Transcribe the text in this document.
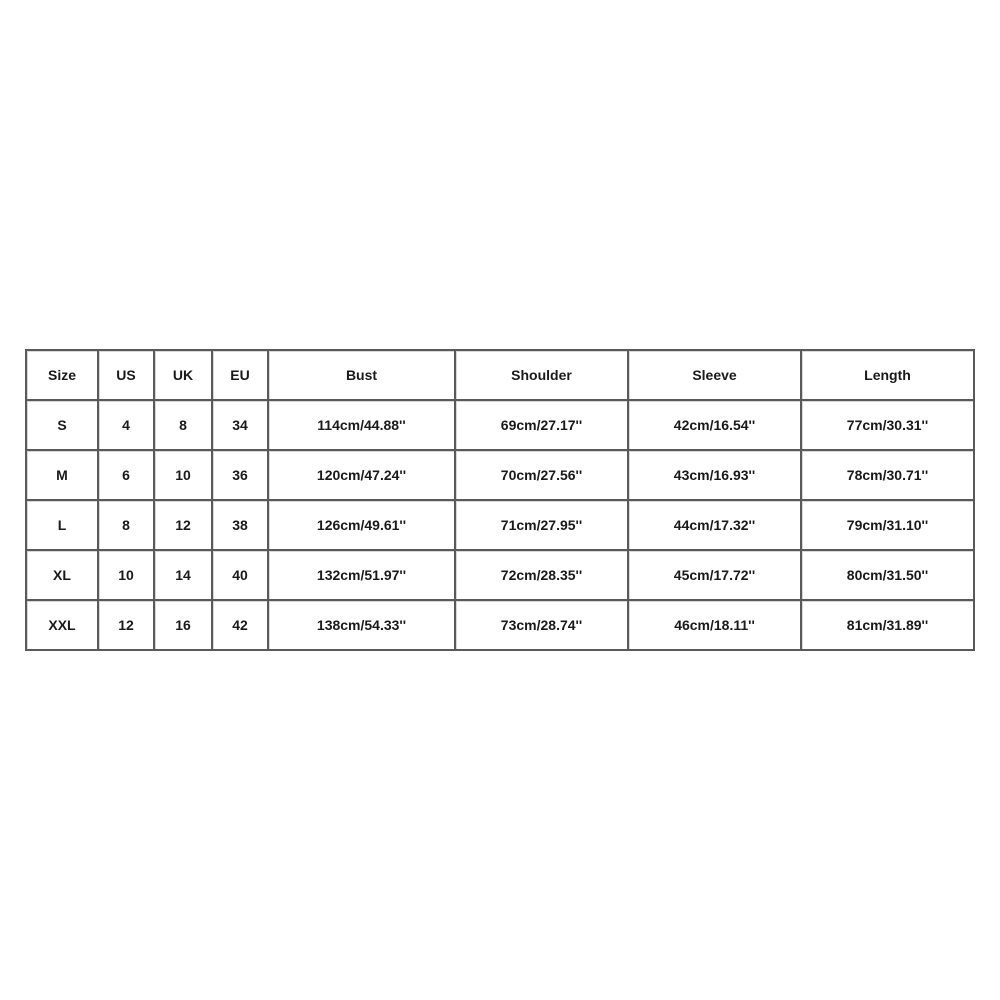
Size	US	UK	EU	Bust	Shoulder	Sleeve	Length
S	4	8	34	114cm/44.88''	69cm/27.17''	42cm/16.54''	77cm/30.31''
M	6	10	36	120cm/47.24''	70cm/27.56''	43cm/16.93''	78cm/30.71''
L	8	12	38	126cm/49.61''	71cm/27.95''	44cm/17.32''	79cm/31.10''
XL	10	14	40	132cm/51.97''	72cm/28.35''	45cm/17.72''	80cm/31.50''
XXL	12	16	42	138cm/54.33''	73cm/28.74''	46cm/18.11''	81cm/31.89''
